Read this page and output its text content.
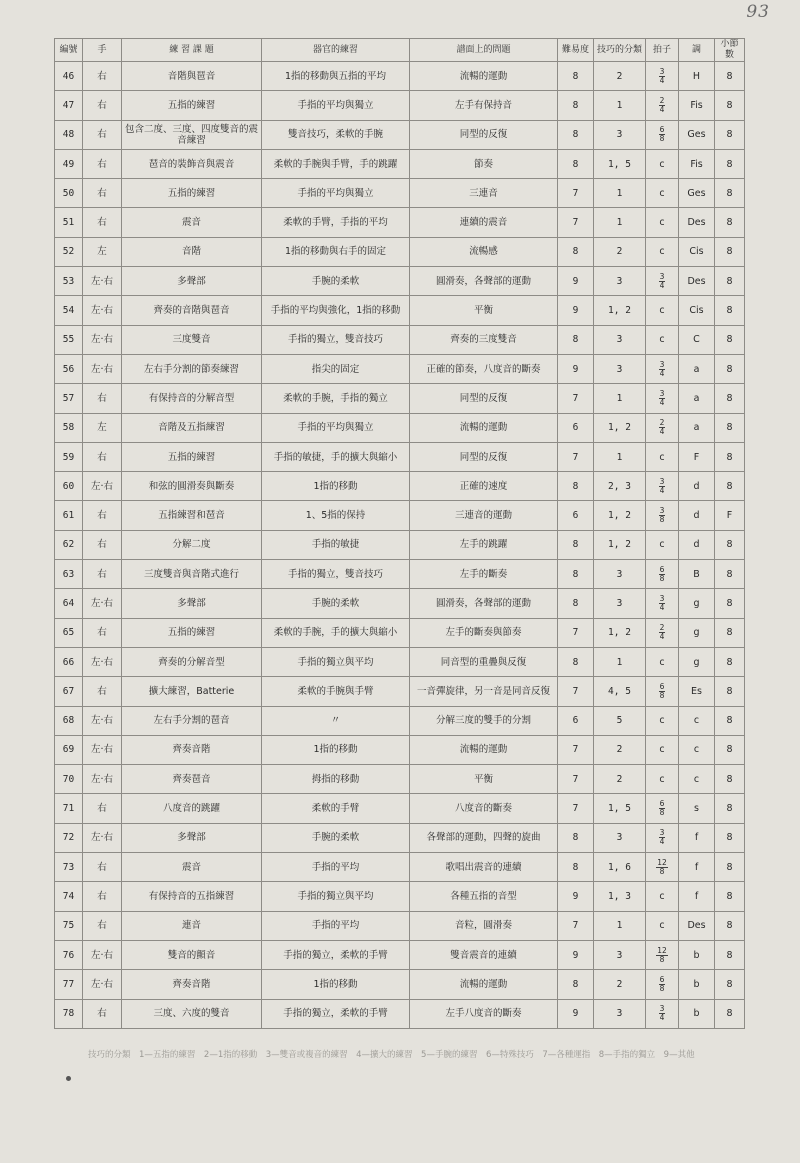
93
編號	手	練 習 課 題	器官的練習	譜面上的問題	難易度	技巧的分類	拍子	調	小節數
46	右	音階與琶音	1指的移動與五指的平均	流暢的運動	8	2	$\frac{3}{4}$	H	8
47	右	五指的練習	手指的平均與獨立	左手有保持音	8	1	$\frac{2}{4}$	Fis	8
48	右	包含二度、三度、四度雙音的震音練習	雙音技巧，柔軟的手腕	同型的反復	8	3	$\frac{6}{8}$	Ges	8
49	右	琶音的裝飾音與震音	柔軟的手腕與手臂，手的跳躍	節奏	8	1, 5	c	Fis	8
50	右	五指的練習	手指的平均與獨立	三連音	7	1	c	Ges	8
51	右	震音	柔軟的手臂，手指的平均	連續的震音	7	1	c	Des	8
52	左	音階	1指的移動與右手的固定	流暢感	8	2	c	Cis	8
53	左·右	多聲部	手腕的柔軟	圓滑奏，各聲部的運動	9	3	$\frac{3}{4}$	Des	8
54	左·右	齊奏的音階與琶音	手指的平均與強化，1指的移動	平衡	9	1, 2	c	Cis	8
55	左·右	三度雙音	手指的獨立，雙音技巧	齊奏的三度雙音	8	3	c	C	8
56	左·右	左右手分割的節奏練習	指尖的固定	正確的節奏，八度音的斷奏	9	3	$\frac{3}{4}$	a	8
57	右	有保持音的分解音型	柔軟的手腕，手指的獨立	同型的反復	7	1	$\frac{3}{4}$	a	8
58	左	音階及五指練習	手指的平均與獨立	流暢的運動	6	1, 2	$\frac{2}{4}$	a	8
59	右	五指的練習	手指的敏捷，手的擴大與縮小	同型的反復	7	1	c	F	8
60	左·右	和弦的圓滑奏與斷奏	1指的移動	正確的速度	8	2, 3	$\frac{3}{4}$	d	8
61	右	五指練習和琶音	1、5指的保持	三連音的運動	6	1, 2	$\frac{3}{8}$	d	F
62	右	分解二度	手指的敏捷	左手的跳躍	8	1, 2	c	d	8
63	右	三度雙音與音階式進行	手指的獨立，雙音技巧	左手的斷奏	8	3	$\frac{6}{8}$	B	8
64	左·右	多聲部	手腕的柔軟	圓滑奏，各聲部的運動	8	3	$\frac{3}{4}$	g	8
65	右	五指的練習	柔軟的手腕，手的擴大與縮小	左手的斷奏與節奏	7	1, 2	$\frac{2}{4}$	g	8
66	左·右	齊奏的分解音型	手指的獨立與平均	同音型的重疊與反復	8	1	c	g	8
67	右	擴大練習，Batterie	柔軟的手腕與手臂	一音彈旋律，另一音是同音反復	7	4, 5	$\frac{6}{8}$	Es	8
68	左·右	左右手分割的琶音	〃	分解三度的雙手的分割	6	5	c	c	8
69	左·右	齊奏音階	1指的移動	流暢的運動	7	2	c	c	8
70	左·右	齊奏琶音	拇指的移動	平衡	7	2	c	c	8
71	右	八度音的跳躍	柔軟的手臂	八度音的斷奏	7	1, 5	$\frac{6}{8}$	s	8
72	左·右	多聲部	手腕的柔軟	各聲部的運動，四聲的旋曲	8	3	$\frac{3}{4}$	f	8
73	右	震音	手指的平均	歌唱出震音的連續	8	1, 6	$\frac{12}{8}$	f	8
74	右	有保持音的五指練習	手指的獨立與平均	各種五指的音型	9	1, 3	c	f	8
75	右	連音	手指的平均	音粒，圓滑奏	7	1	c	Des	8
76	左·右	雙音的顫音	手指的獨立，柔軟的手臂	雙音震音的連續	9	3	$\frac{12}{8}$	b	8
77	左·右	齊奏音階	1指的移動	流暢的運動	8	2	$\frac{6}{8}$	b	8
78	右	三度、六度的雙音	手指的獨立，柔軟的手臂	左手八度音的斷奏	9	3	$\frac{3}{4}$	b	8
技巧的分類　1—五指的練習　2—1指的移動　3—雙音或複音的練習　4—擴大的練習　5—手腕的練習　6—特殊技巧　7—各種運指　8—手指的獨立　9—其他
